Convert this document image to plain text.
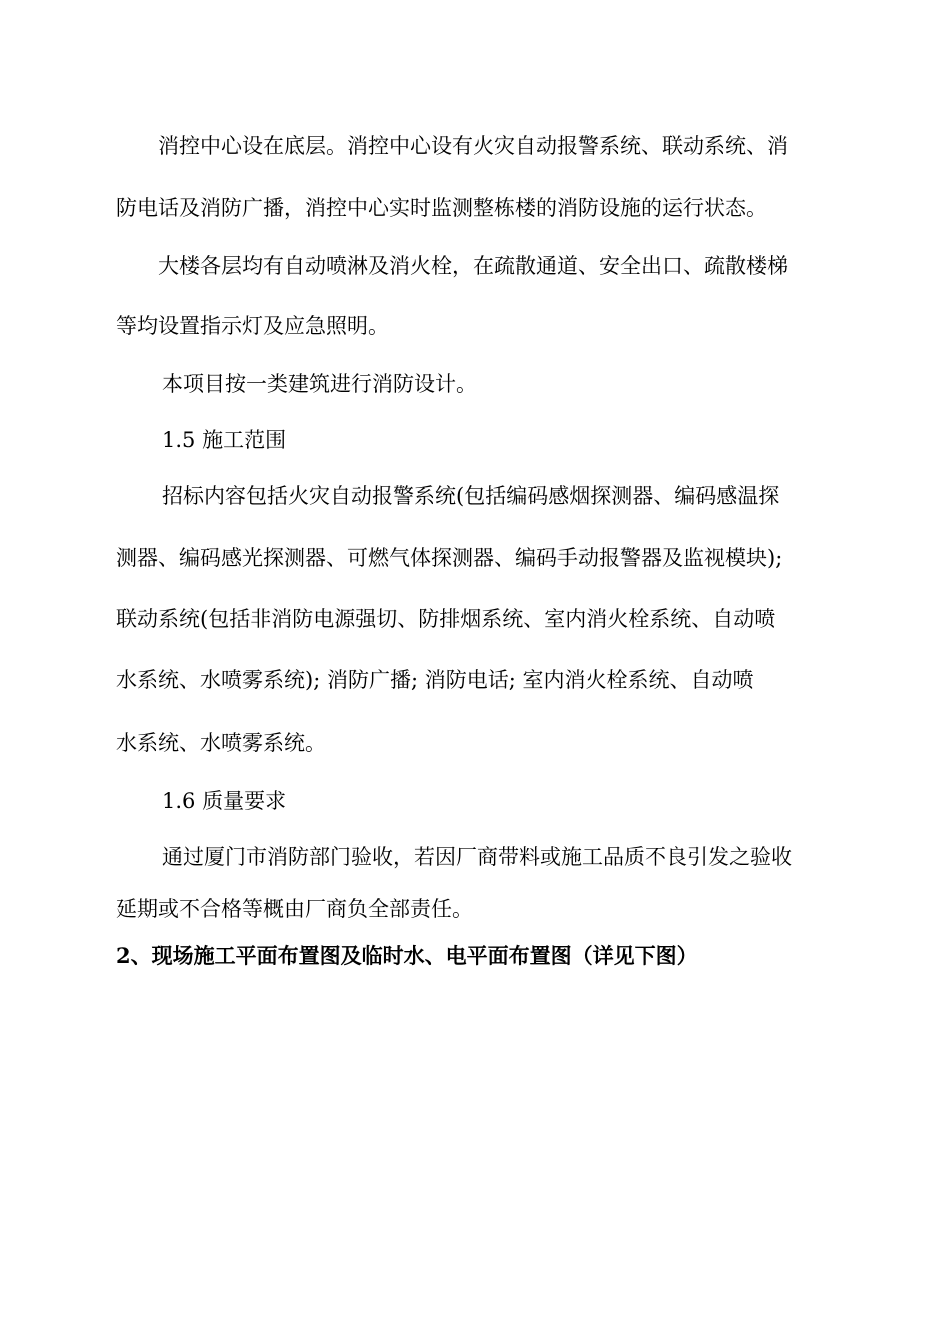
消控中心设在底层。消控中心设有火灾自动报警系统、联动系统、消
防电话及消防广播，消控中心实时监测整栋楼的消防设施的运行状态。
大楼各层均有自动喷淋及消火栓，在疏散通道、安全出口、疏散楼梯
等均设置指示灯及应急照明。
本项目按一类建筑进行消防设计。
1.5 施工范围
招标内容包括火灾自动报警系统(包括编码感烟探测器、编码感温探
测器、编码感光探测器、可燃气体探测器、编码手动报警器及监视模块);
联动系统(包括非消防电源强切、防排烟系统、室内消火栓系统、自动喷
水系统、水喷雾系统); 消防广播; 消防电话; 室内消火栓系统、自动喷
水系统、水喷雾系统。
1.6 质量要求
通过厦门市消防部门验收，若因厂商带料或施工品质不良引发之验收
延期或不合格等概由厂商负全部责任。
2、现场施工平面布置图及临时水、电平面布置图（详见下图）
